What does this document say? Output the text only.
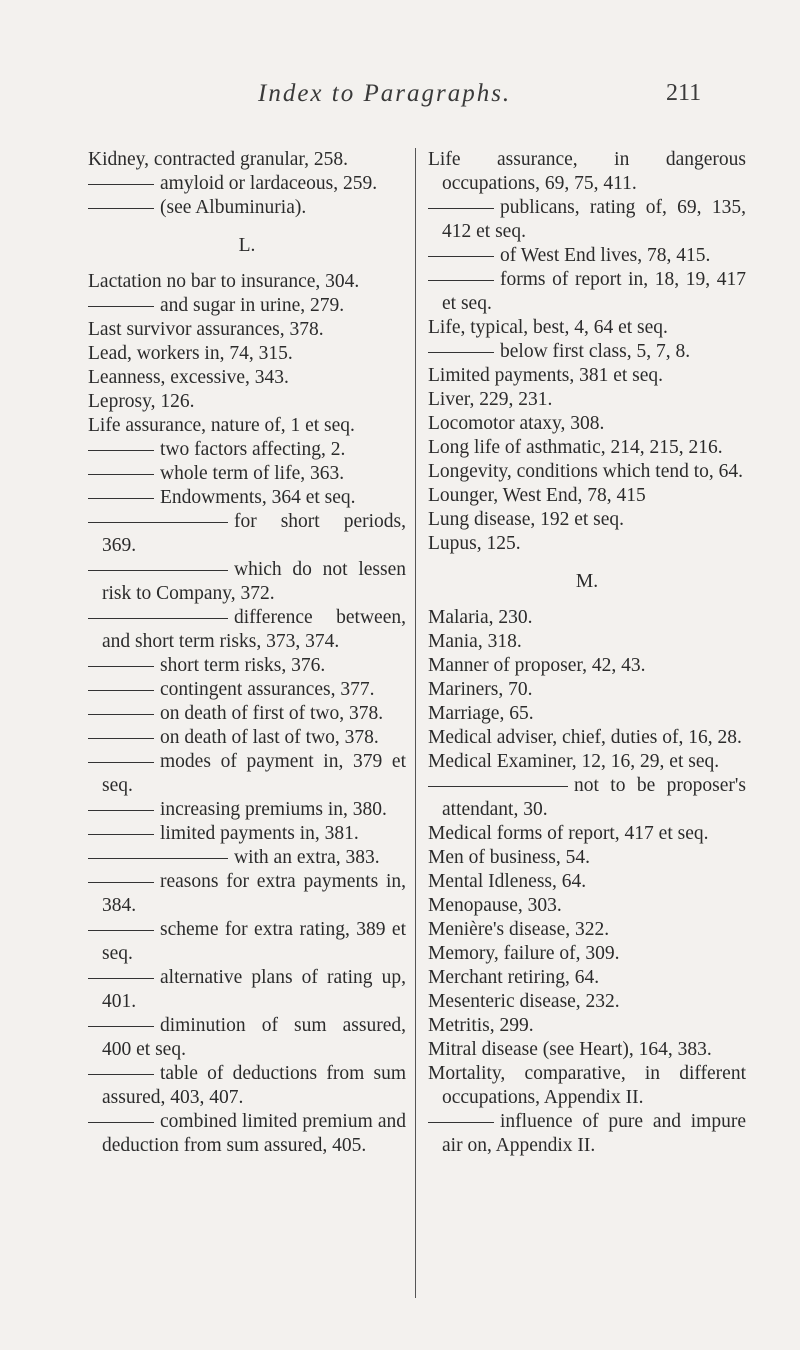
Index to Paragraphs.	211

Kidney, contracted granular, 258.

amyloid or lardaceous, 259.

(see Albuminuria).

L.

Lactation no bar to insurance, 304.

and sugar in urine, 279.

Last survivor assurances, 378.

Lead, workers in, 74, 315.

Leanness, excessive, 343.

Leprosy, 126.

Life assurance, nature of, 1 et seq.

two factors affecting, 2.

whole term of life, 363.

Endowments, 364 et seq.

for short periods, 369.

which do not lessen risk to Company, 372.

difference between, and short term risks, 373, 374.

short term risks, 376.

contingent assurances, 377.

on death of first of two, 378.

on death of last of two, 378.

modes of payment in, 379 et seq.

increasing premiums in, 380.

limited payments in, 381.

with an extra, 383.

reasons for extra payments in, 384.

scheme for extra rating, 389 et seq.

alternative plans of rating up, 401.

diminution of sum assured, 400 et seq.

table of deductions from sum assured, 403, 407.

combined limited premium and deduction from sum assured, 405.

Life assurance, in dangerous occupations, 69, 75, 411.

publicans, rating of, 69, 135, 412 et seq.

of West End lives, 78, 415.

forms of report in, 18, 19, 417 et seq.

Life, typical, best, 4, 64 et seq.

below first class, 5, 7, 8.

Limited payments, 381 et seq.

Liver, 229, 231.

Locomotor ataxy, 308.

Long life of asthmatic, 214, 215, 216.

Longevity, conditions which tend to, 64.

Lounger, West End, 78, 415

Lung disease, 192 et seq.

Lupus, 125.

M.

Malaria, 230.

Mania, 318.

Manner of proposer, 42, 43.

Mariners, 70.

Marriage, 65.

Medical adviser, chief, duties of, 16, 28.

Medical Examiner, 12, 16, 29, et seq.

not to be proposer's attendant, 30.

Medical forms of report, 417 et seq.

Men of business, 54.

Mental Idleness, 64.

Menopause, 303.

Menière's disease, 322.

Memory, failure of, 309.

Merchant retiring, 64.

Mesenteric disease, 232.

Metritis, 299.

Mitral disease (see Heart), 164, 383.

Mortality, comparative, in different occupations, Appendix II.

influence of pure and impure air on, Appendix II.
